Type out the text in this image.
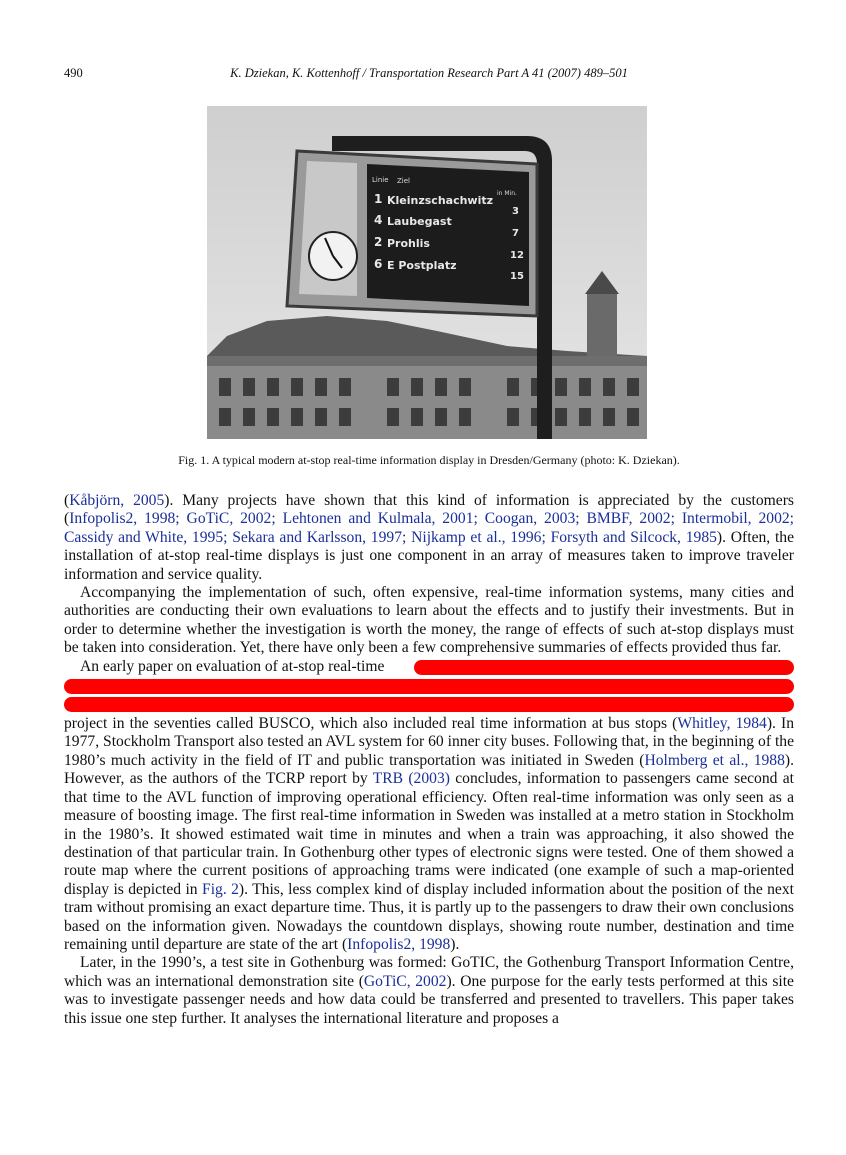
490	K. Dziekan, K. Kottenhoff / Transportation Research Part A 41 (2007) 489–501
Linie Ziel
in Min.
1 Kleinzschachwitz
3
4 Laubegast
7
2 Prohlis
12
6 E Postplatz
15
Fig. 1. A typical modern at-stop real-time information display in Dresden/Germany (photo: K. Dziekan).

(Kåbjörn, 2005). Many projects have shown that this kind of information is appreciated by the customers (Infopolis2, 1998; GoTiC, 2002; Lehtonen and Kulmala, 2001; Coogan, 2003; BMBF, 2002; Intermobil, 2002; Cassidy and White, 1995; Sekara and Karlsson, 1997; Nijkamp et al., 1996; Forsyth and Silcock, 1985). Often, the installation of at-stop real-time displays is just one component in an array of measures taken to improve traveler information and service quality.

Accompanying the implementation of such, often expensive, real-time information systems, many cities and authorities are conducting their own evaluations to learn about the effects and to justify their investments. But in order to determine whether the investigation is worth the money, the range of effects of such at-stop displays must be taken into consideration. Yet, there have only been a few comprehensive summaries of effects provided thus far.

An early paper on evaluation of at-stop real-time

project in the seventies called BUSCO, which also included real time information at bus stops (Whitley, 1984). In 1977, Stockholm Transport also tested an AVL system for 60 inner city buses. Following that, in the beginning of the 1980’s much activity in the field of IT and public transportation was initiated in Sweden (Holmberg et al., 1988). However, as the authors of the TCRP report by TRB (2003) concludes, information to passengers came second at that time to the AVL function of improving operational efficiency. Often real-time information was only seen as a measure of boosting image. The first real-time information in Sweden was installed at a metro station in Stockholm in the 1980’s. It showed estimated wait time in minutes and when a train was approaching, it also showed the destination of that particular train. In Gothenburg other types of electronic signs were tested. One of them showed a route map where the current positions of approaching trams were indicated (one example of such a map-oriented display is depicted in Fig. 2). This, less complex kind of display included information about the position of the next tram without promising an exact departure time. Thus, it is partly up to the passengers to draw their own conclusions based on the information given. Nowadays the countdown displays, showing route number, destination and time remaining until departure are state of the art (Infopolis2, 1998).

Later, in the 1990’s, a test site in Gothenburg was formed: GoTIC, the Gothenburg Transport Information Centre, which was an international demonstration site (GoTiC, 2002). One purpose for the early tests performed at this site was to investigate passenger needs and how data could be transferred and presented to travellers. This paper takes this issue one step further. It analyses the international literature and proposes a
